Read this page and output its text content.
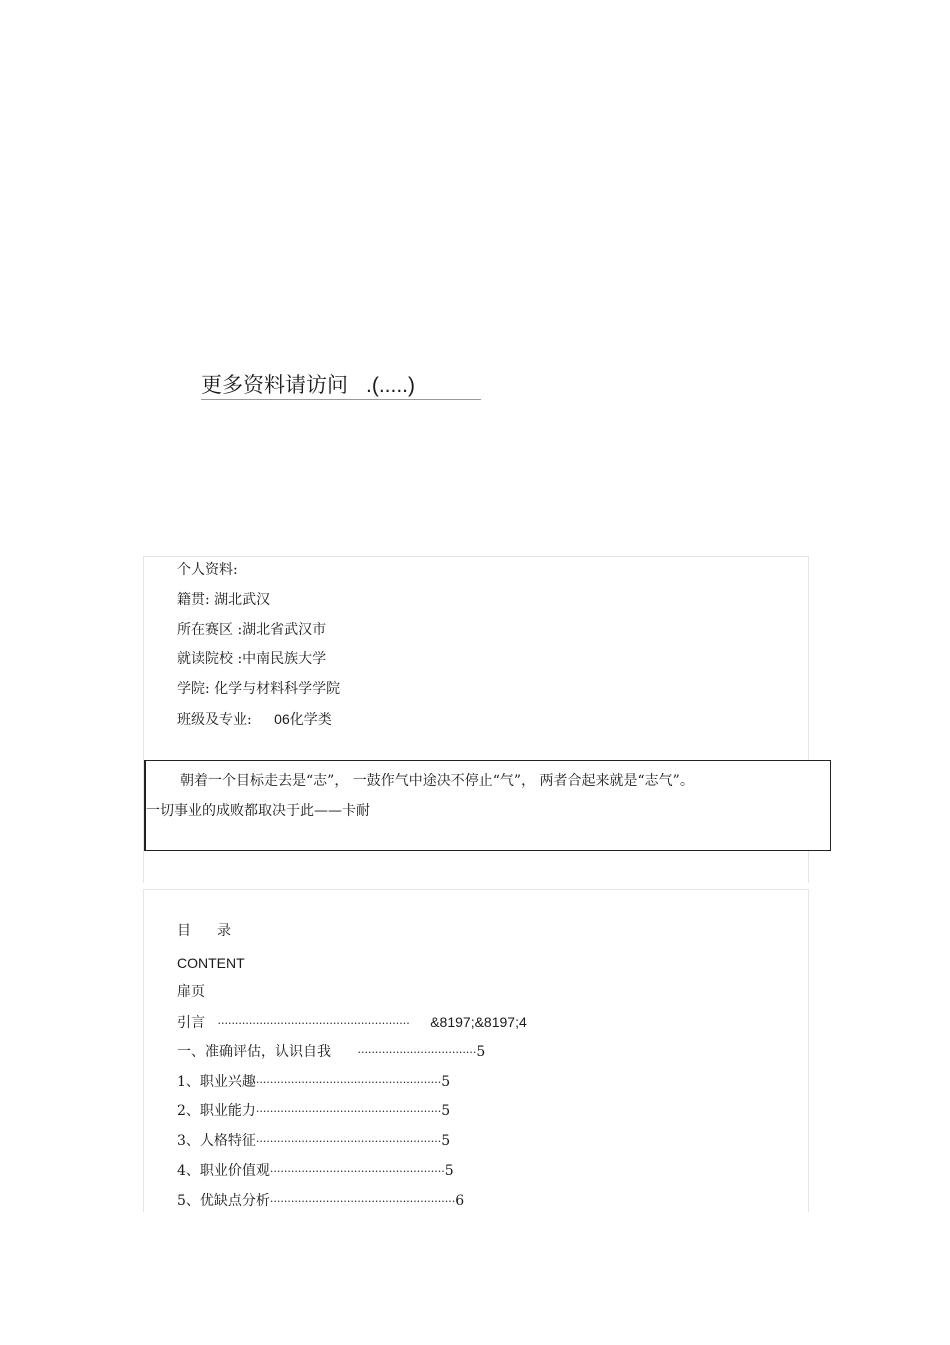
更多资料请访问 .(.....)
个人资料:
籍贯: 湖北武汉
所在赛区 :湖北省武汉市
就读院校 :中南民族大学
学院: 化学与材料科学学院
班级及专业: 06化学类
朝着一个目标走去是“志”， 一鼓作气中途决不停止“气”， 两者合起来就是“志气”。
一切事业的成败都取决于此——卡耐
目 录
CONTENT
扉页
引言 ······················································· &8197;&8197;4
一、准确评估，认识自我 ··································5
1、职业兴趣·····················································5
2、职业能力·····················································5
3、人格特征·····················································5
4、职业价值观··················································5
5、优缺点分析·····················································6
